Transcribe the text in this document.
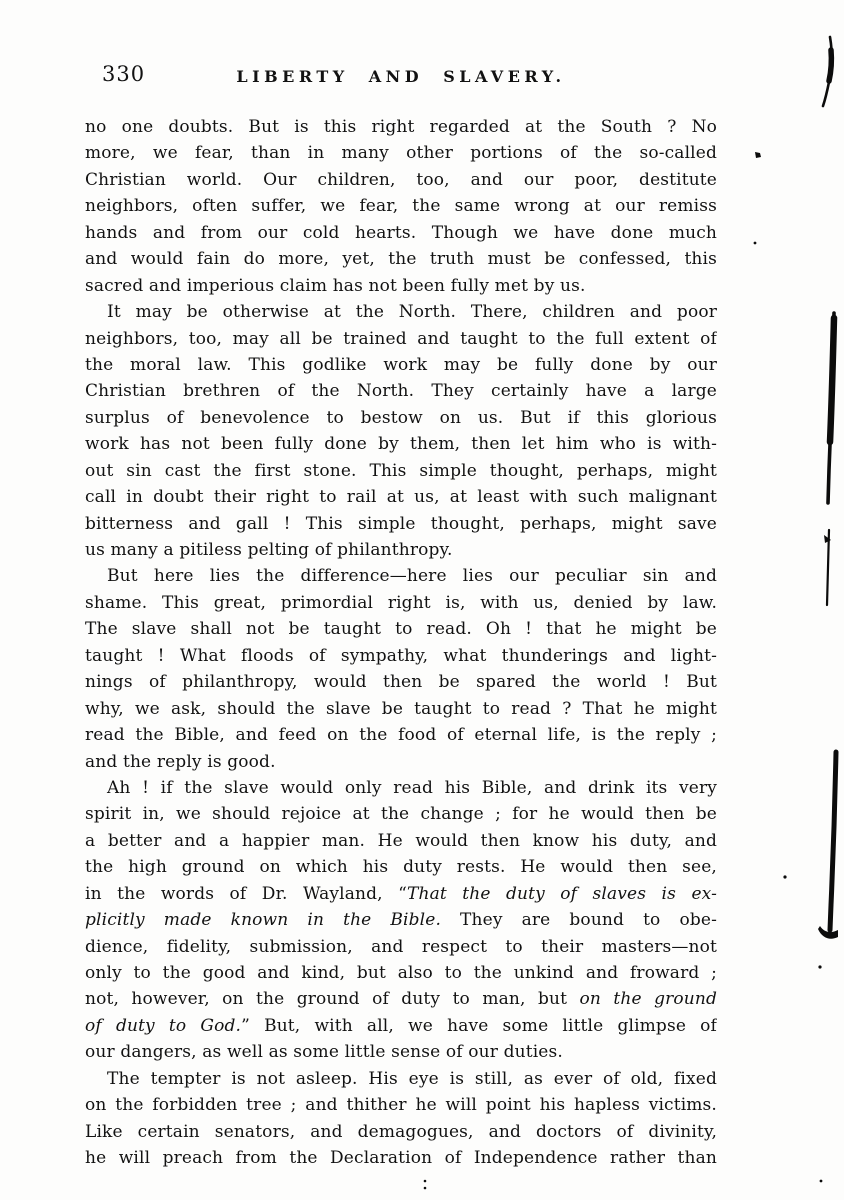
330	LIBERTY AND SLAVERY.
no one doubts. But is this right regarded at the South ? No
more, we fear, than in many other portions of the so-called
Christian world. Our children, too, and our poor, destitute
neighbors, often suffer, we fear, the same wrong at our remiss
hands and from our cold hearts. Though we have done much
and would fain do more, yet, the truth must be confessed, this
sacred and imperious claim has not been fully met by us.
It may be otherwise at the North. There, children and poor
neighbors, too, may all be trained and taught to the full extent of
the moral law. This godlike work may be fully done by our
Christian brethren of the North. They certainly have a large
surplus of benevolence to bestow on us. But if this glorious
work has not been fully done by them, then let him who is with-
out sin cast the first stone. This simple thought, perhaps, might
call in doubt their right to rail at us, at least with such malignant
bitterness and gall ! This simple thought, perhaps, might save
us many a pitiless pelting of philanthropy.
But here lies the difference—here lies our peculiar sin and
shame. This great, primordial right is, with us, denied by law.
The slave shall not be taught to read. Oh ! that he might be
taught ! What floods of sympathy, what thunderings and light-
nings of philanthropy, would then be spared the world ! But
why, we ask, should the slave be taught to read ? That he might
read the Bible, and feed on the food of eternal life, is the reply ;
and the reply is good.
Ah ! if the slave would only read his Bible, and drink its very
spirit in, we should rejoice at the change ; for he would then be
a better and a happier man. He would then know his duty, and
the high ground on which his duty rests. He would then see,
in the words of Dr. Wayland, “That the duty of slaves is ex-
plicitly made known in the Bible. They are bound to obe-
dience, fidelity, submission, and respect to their masters—not
only to the good and kind, but also to the unkind and froward ;
not, however, on the ground of duty to man, but on the ground
of duty to God.” But, with all, we have some little glimpse of
our dangers, as well as some little sense of our duties.
The tempter is not asleep. His eye is still, as ever of old, fixed
on the forbidden tree ; and thither he will point his hapless victims.
Like certain senators, and demagogues, and doctors of divinity,
he will preach from the Declaration of Independence rather than
